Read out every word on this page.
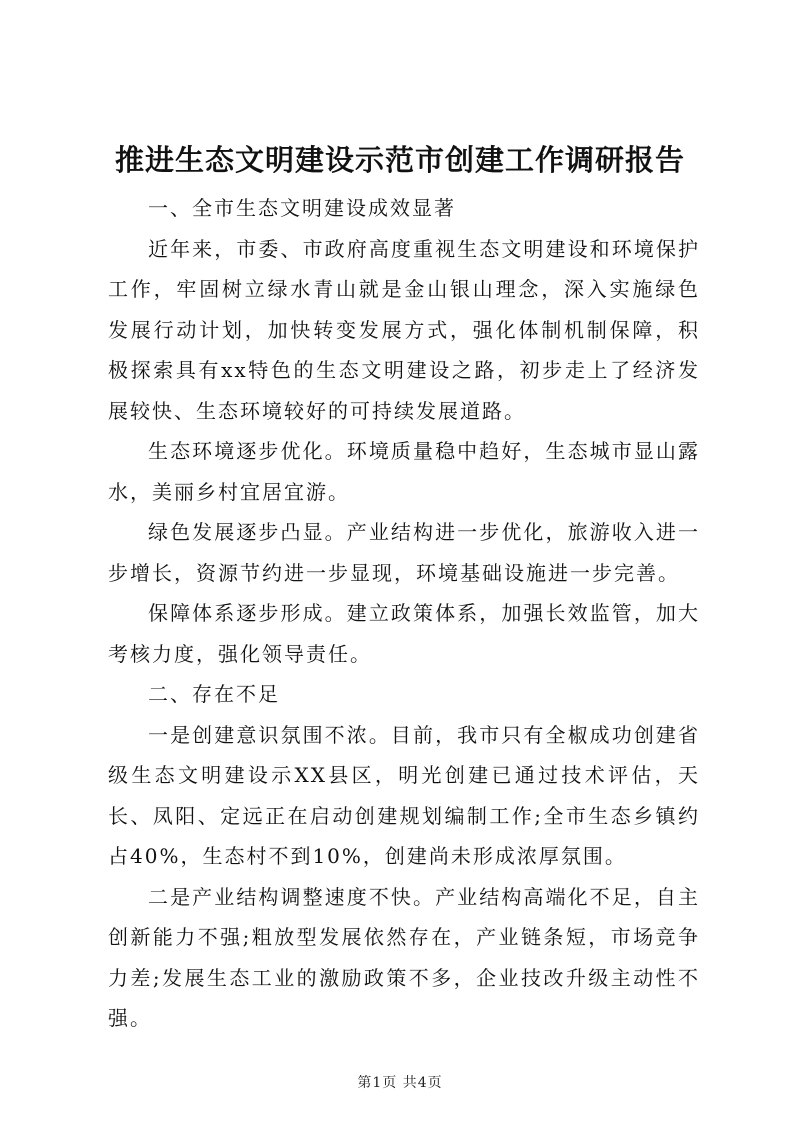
推进生态文明建设示范市创建工作调研报告

一、全市生态文明建设成效显著

近年来，市委、市政府高度重视生态文明建设和环境保护工作，牢固树立绿水青山就是金山银山理念，深入实施绿色发展行动计划，加快转变发展方式，强化体制机制保障，积极探索具有xx特色的生态文明建设之路，初步走上了经济发展较快、生态环境较好的可持续发展道路。

生态环境逐步优化。环境质量稳中趋好，生态城市显山露水，美丽乡村宜居宜游。

绿色发展逐步凸显。产业结构进一步优化，旅游收入进一步增长，资源节约进一步显现，环境基础设施进一步完善。

保障体系逐步形成。建立政策体系，加强长效监管，加大考核力度，强化领导责任。

二、存在不足

一是创建意识氛围不浓。目前，我市只有全椒成功创建省级生态文明建设示XX县区，明光创建已通过技术评估，天长、凤阳、定远正在启动创建规划编制工作;全市生态乡镇约占40%，生态村不到10%，创建尚未形成浓厚氛围。

二是产业结构调整速度不快。产业结构高端化不足，自主创新能力不强;粗放型发展依然存在，产业链条短，市场竞争力差;发展生态工业的激励政策不多，企业技改升级主动性不强。

第1页 共4页
